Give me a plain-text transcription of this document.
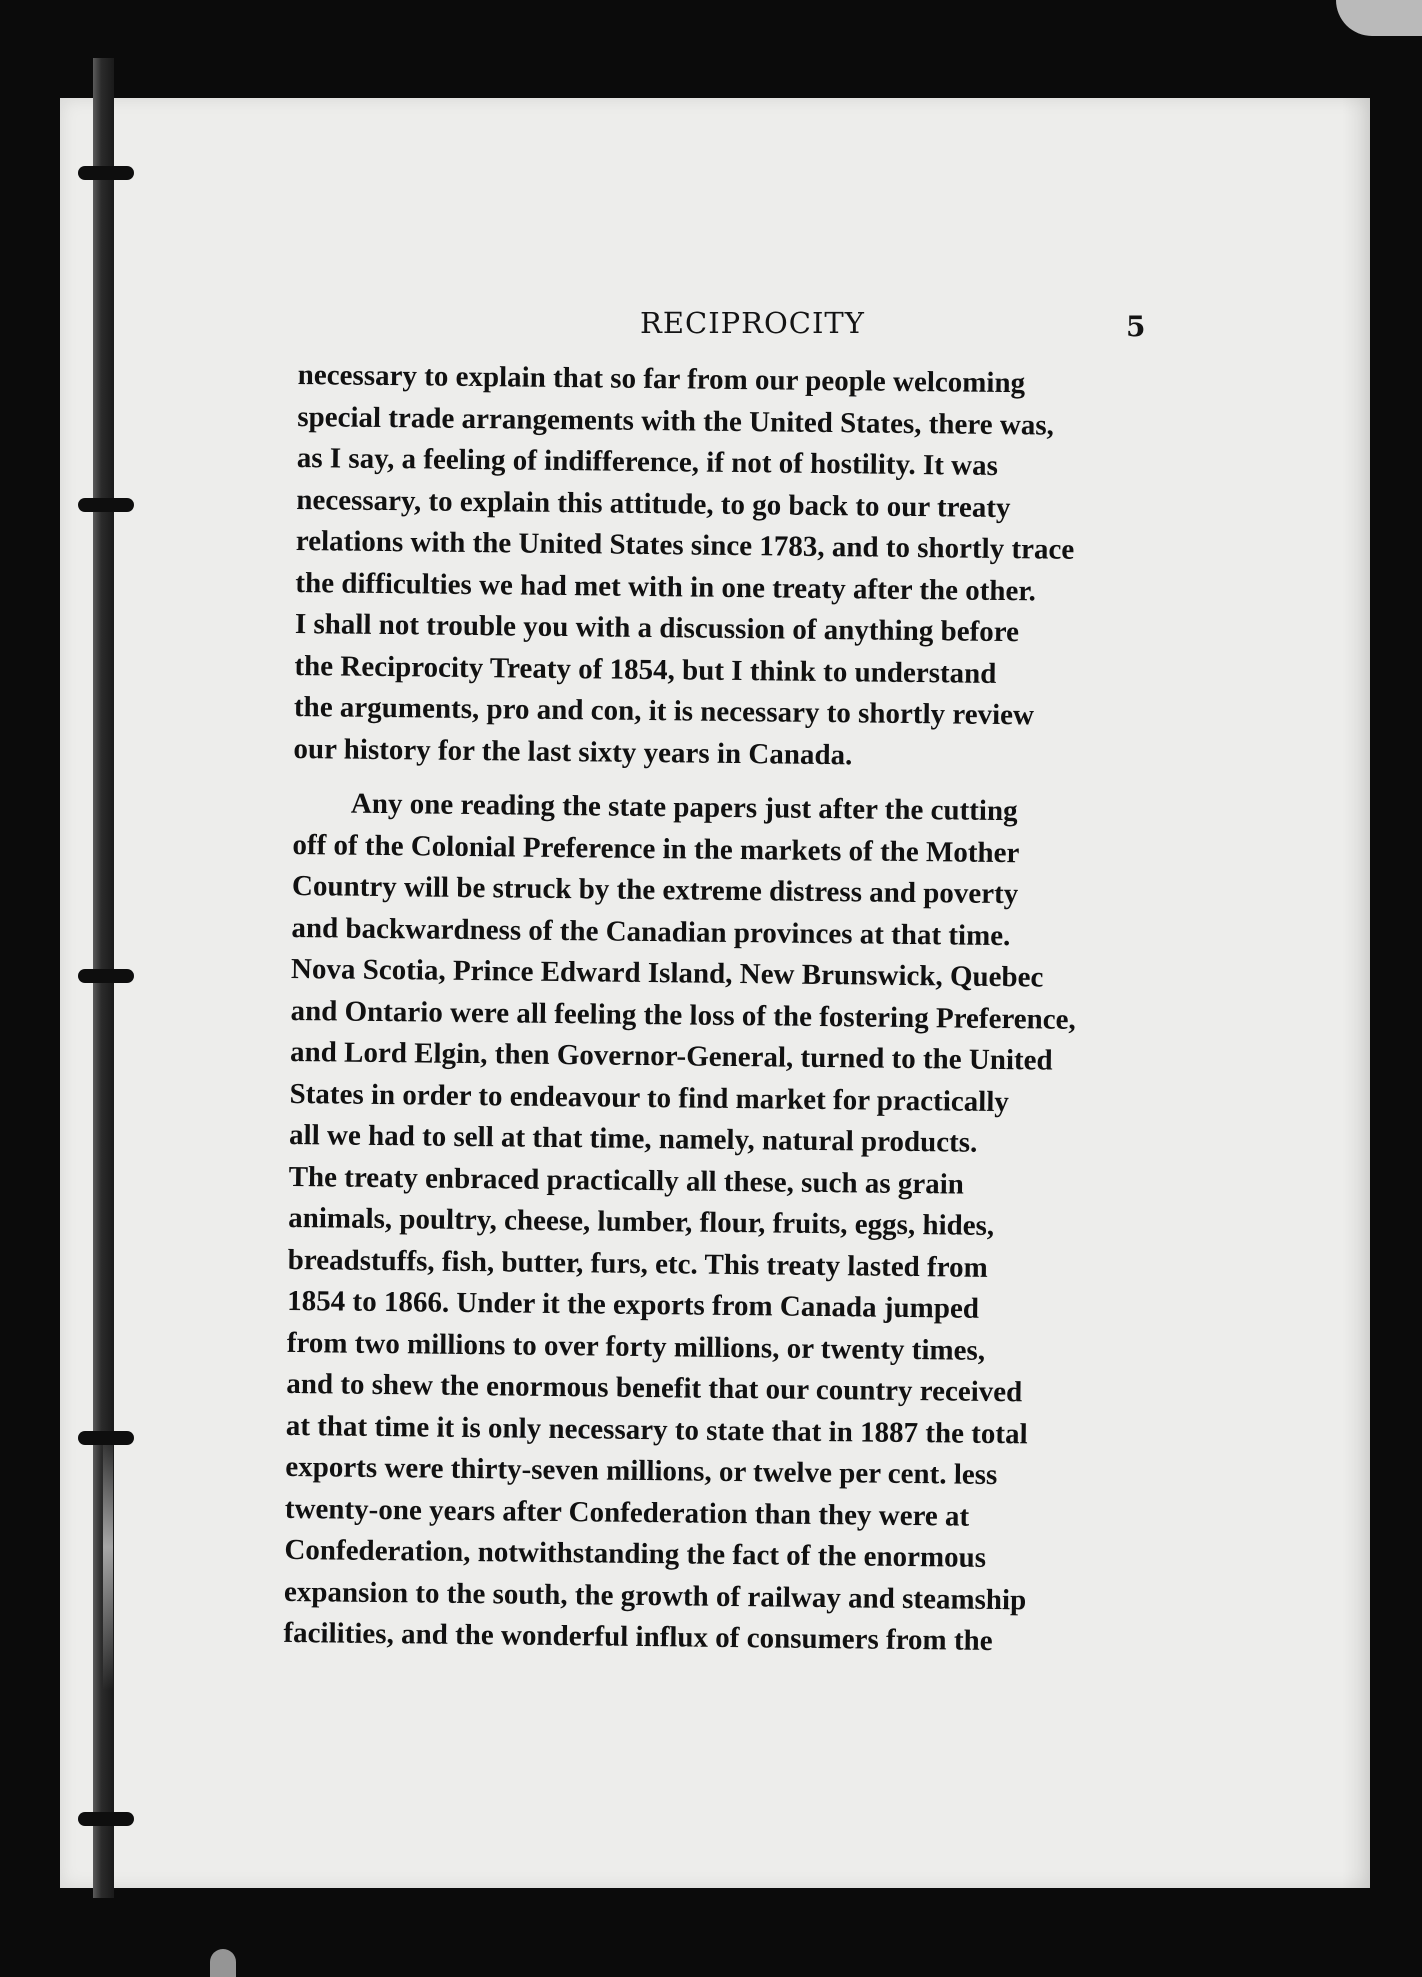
RECIPROCITY	5

necessary to explain that so far from our people welcoming
special trade arrangements with the United States, there was,
as I say, a feeling of indifference, if not of hostility. It was
necessary, to explain this attitude, to go back to our treaty
relations with the United States since 1783, and to shortly trace
the difficulties we had met with in one treaty after the other.
I shall not trouble you with a discussion of anything before
the Reciprocity Treaty of 1854, but I think to understand
the arguments, pro and con, it is necessary to shortly review
our history for the last sixty years in Canada.

Any one reading the state papers just after the cutting
off of the Colonial Preference in the markets of the Mother
Country will be struck by the extreme distress and poverty
and backwardness of the Canadian provinces at that time.
Nova Scotia, Prince Edward Island, New Brunswick, Quebec
and Ontario were all feeling the loss of the fostering Preference,
and Lord Elgin, then Governor-General, turned to the United
States in order to endeavour to find market for practically
all we had to sell at that time, namely, natural products.
The treaty enbraced practically all these, such as grain
animals, poultry, cheese, lumber, flour, fruits, eggs, hides,
breadstuffs, fish, butter, furs, etc. This treaty lasted from
1854 to 1866. Under it the exports from Canada jumped
from two millions to over forty millions, or twenty times,
and to shew the enormous benefit that our country received
at that time it is only necessary to state that in 1887 the total
exports were thirty-seven millions, or twelve per cent. less
twenty-one years after Confederation than they were at
Confederation, notwithstanding the fact of the enormous
expansion to the south, the growth of railway and steamship
facilities, and the wonderful influx of consumers from the
